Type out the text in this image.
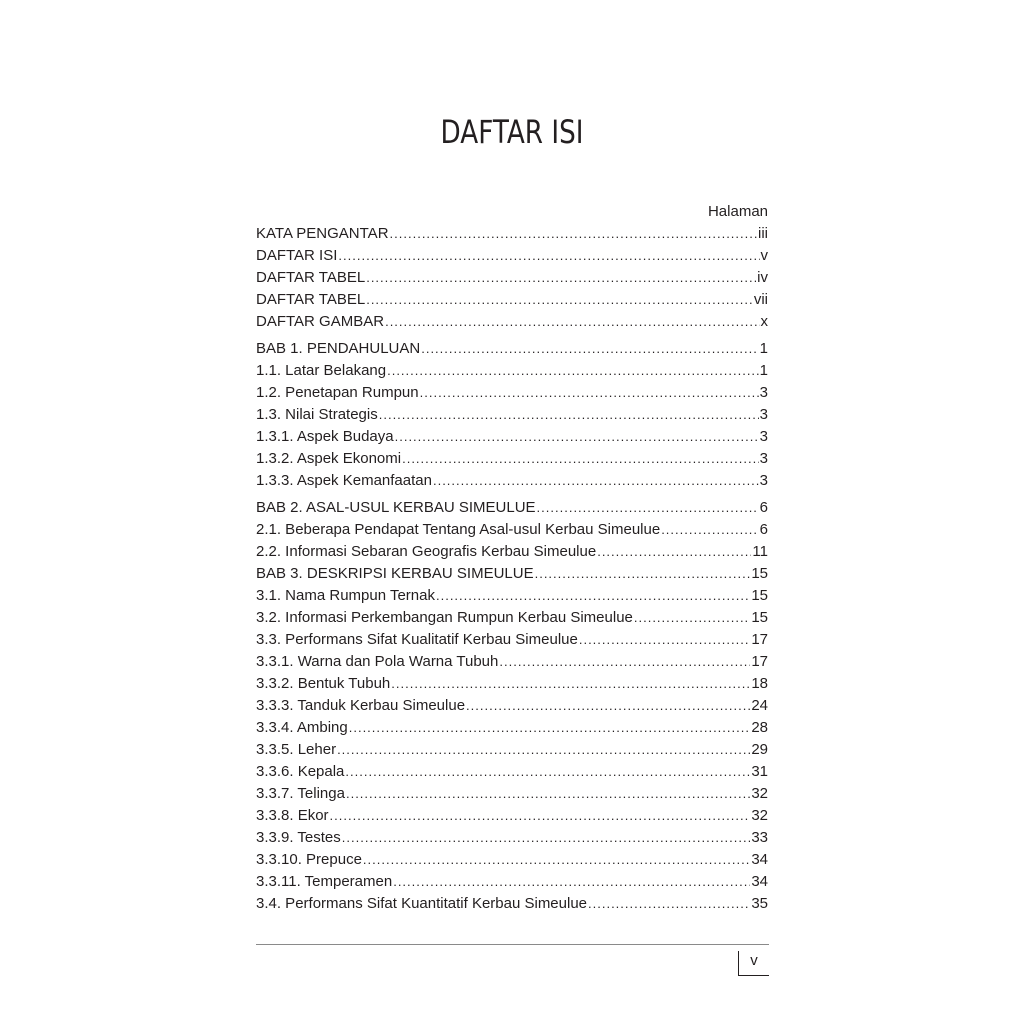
DAFTAR ISI
Halaman
KATA PENGANTAR .....	iii
DAFTAR ISI .....	v
DAFTAR TABEL .....	iv
DAFTAR TABEL .....	vii
DAFTAR GAMBAR .....	x
BAB 1. PENDAHULUAN .....	1
1.1. Latar Belakang .....	1
1.2. Penetapan Rumpun .....	3
1.3. Nilai Strategis .....	3
1.3.1. Aspek Budaya .....	3
1.3.2. Aspek Ekonomi .....	3
1.3.3. Aspek Kemanfaatan .....	3
BAB 2. ASAL-USUL KERBAU SIMEULUE .....	6
2.1. Beberapa Pendapat Tentang Asal-usul Kerbau Simeulue .....	6
2.2. Informasi Sebaran Geografis Kerbau Simeulue .....	11
BAB 3. DESKRIPSI KERBAU SIMEULUE .....	15
3.1. Nama Rumpun Ternak .....	15
3.2. Informasi Perkembangan Rumpun Kerbau Simeulue .....	15
3.3. Performans Sifat Kualitatif Kerbau Simeulue .....	17
3.3.1. Warna dan Pola Warna Tubuh .....	17
3.3.2. Bentuk Tubuh .....	18
3.3.3. Tanduk Kerbau Simeulue .....	24
3.3.4. Ambing .....	28
3.3.5. Leher .....	29
3.3.6. Kepala .....	31
3.3.7. Telinga .....	32
3.3.8. Ekor .....	32
3.3.9. Testes .....	33
3.3.10. Prepuce .....	34
3.3.11. Temperamen .....	34
3.4. Performans Sifat Kuantitatif Kerbau Simeulue .....	35
v
